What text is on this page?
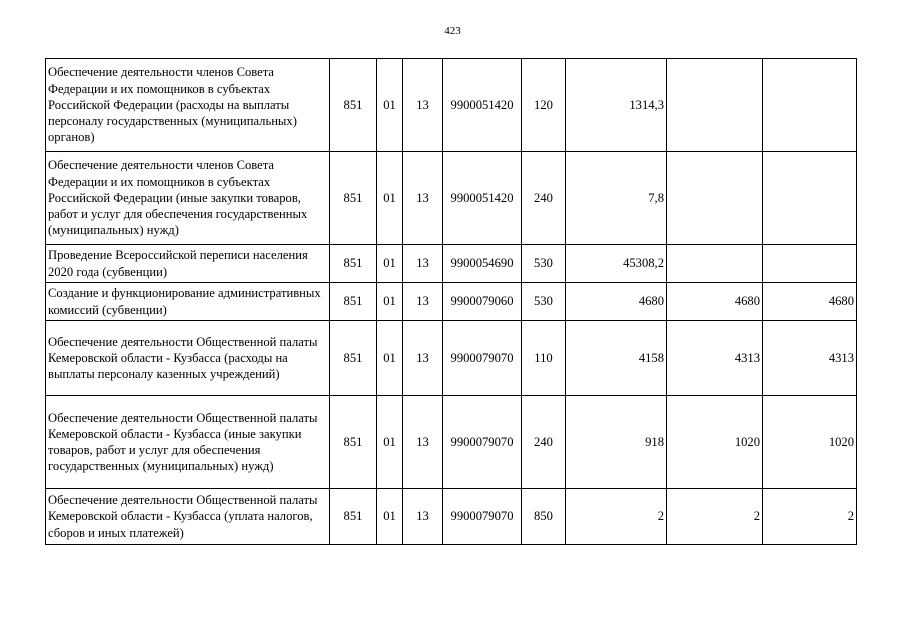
423
Обеспечение деятельности членов Совета Федерации и их помощников в субъектах Российской Федерации (расходы на выплаты персоналу государственных (муниципальных) органов)	851	01	13	9900051420	120	1314,3		
Обеспечение деятельности членов Совета Федерации и их помощников в субъектах Российской Федерации (иные закупки товаров, работ и услуг для обеспечения государственных (муниципальных) нужд)	851	01	13	9900051420	240	7,8		
Проведение Всероссийской переписи населения 2020 года (субвенции)	851	01	13	9900054690	530	45308,2		
Создание и функционирование административных комиссий (субвенции)	851	01	13	9900079060	530	4680	4680	4680
Обеспечение деятельности Общественной палаты Кемеровской области - Кузбасса (расходы на выплаты персоналу казенных учреждений)	851	01	13	9900079070	110	4158	4313	4313
Обеспечение деятельности Общественной палаты Кемеровской области - Кузбасса (иные закупки товаров, работ и услуг для обеспечения государственных (муниципальных) нужд)	851	01	13	9900079070	240	918	1020	1020
Обеспечение деятельности Общественной палаты Кемеровской области - Кузбасса (уплата налогов, сборов и иных платежей)	851	01	13	9900079070	850	2	2	2
